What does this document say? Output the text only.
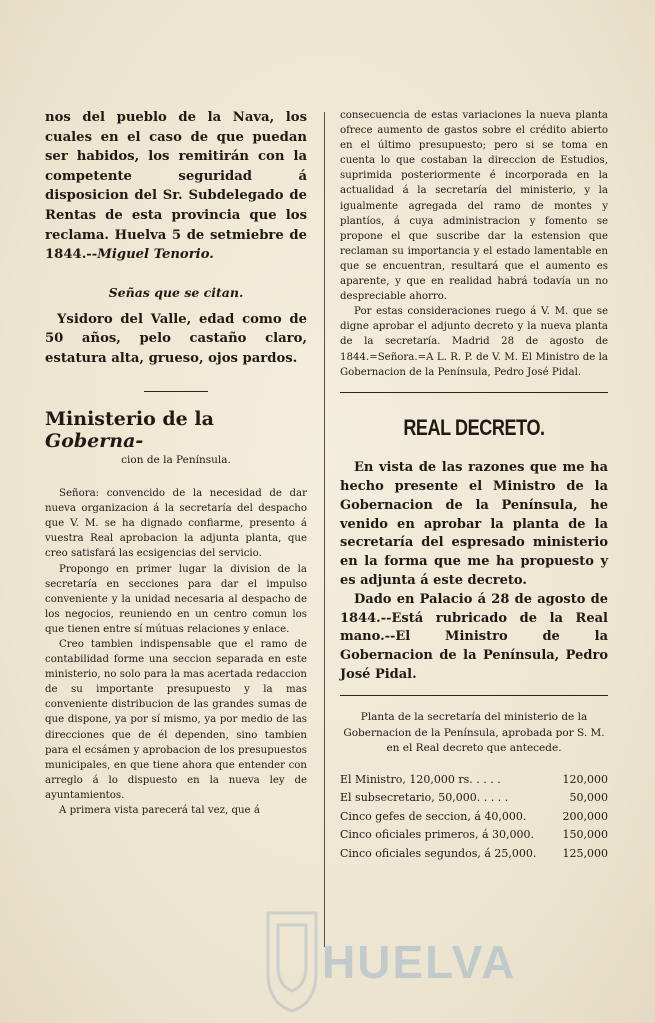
nos del pueblo de la Nava, los cuales en el caso de que puedan ser habidos, los remitirán con la competente seguridad á disposicion del Sr. Subdelegado de Rentas de esta provincia que los reclama. Huelva 5 de setmiebre de 1844.--Miguel Tenorio.

Señas que se citan.

Ysidoro del Valle, edad como de 50 años, pelo castaño claro, estatura alta, grueso, ojos pardos.

Ministerio de la Goberna-

cion de la Península.

Señora: convencido de la necesidad de dar nueva organizacion á la secretaría del despacho que V. M. se ha dignado confiarme, presento á vuestra Real aprobacion la adjunta planta, que creo satisfará las ecsigencias del servicio.

Propongo en primer lugar la division de la secretaría en secciones para dar el impulso conveniente y la unidad necesaria al despacho de los negocios, reuniendo en un centro comun los que tienen entre sí mútuas relaciones y enlace.

Creo tambien indispensable que el ramo de contabilidad forme una seccion separada en este ministerio, no solo para la mas acertada redaccion de su importante presupuesto y la mas conveniente distribucion de las grandes sumas de que dispone, ya por sí mismo, ya por medio de las direcciones que de él dependen, sino tambien para el ecsámen y aprobacion de los presupuestos municipales, en que tiene ahora que entender con arreglo á lo dispuesto en la nueva ley de ayuntamientos.

A primera vista parecerá tal vez, que á

consecuencia de estas variaciones la nueva planta ofrece aumento de gastos sobre el crédito abierto en el último presupuesto; pero si se toma en cuenta lo que costaban la direccion de Estudios, suprimida posteriormente é incorporada en la actualidad á la secretaría del ministerio, y la igualmente agregada del ramo de montes y plantíos, á cuya administracion y fomento se propone el que suscribe dar la estension que reclaman su importancia y el estado lamentable en que se encuentran, resultará que el aumento es aparente, y que en realidad habrá todavía un no despreciable ahorro.

Por estas consideraciones ruego á V. M. que se digne aprobar el adjunto decreto y la nueva planta de la secretaría. Madrid 28 de agosto de 1844.=Señora.=A L. R. P. de V. M. El Ministro de la Gobernacion de la Península, Pedro José Pidal.

REAL DECRETO.

En vista de las razones que me ha hecho presente el Ministro de la Gobernacion de la Península, he venido en aprobar la planta de la secretaría del espresado ministerio en la forma que me ha propuesto y es adjunta á este decreto.

Dado en Palacio á 28 de agosto de 1844.--Está rubricado de la Real mano.--El Ministro de la Gobernacion de la Península, Pedro José Pidal.

Planta de la secretaría del ministerio de la Gobernacion de la Península, aprobada por S. M. en el Real decreto que antecede.
El Ministro, 120,000 rs. . . . .	120,000
El subsecretario, 50,000. . . . .	50,000
Cinco gefes de seccion, á 40,000.	200,000
Cinco oficiales primeros, á 30,000.	150,000
Cinco oficiales segundos, á 25,000.	125,000
HUELVA
